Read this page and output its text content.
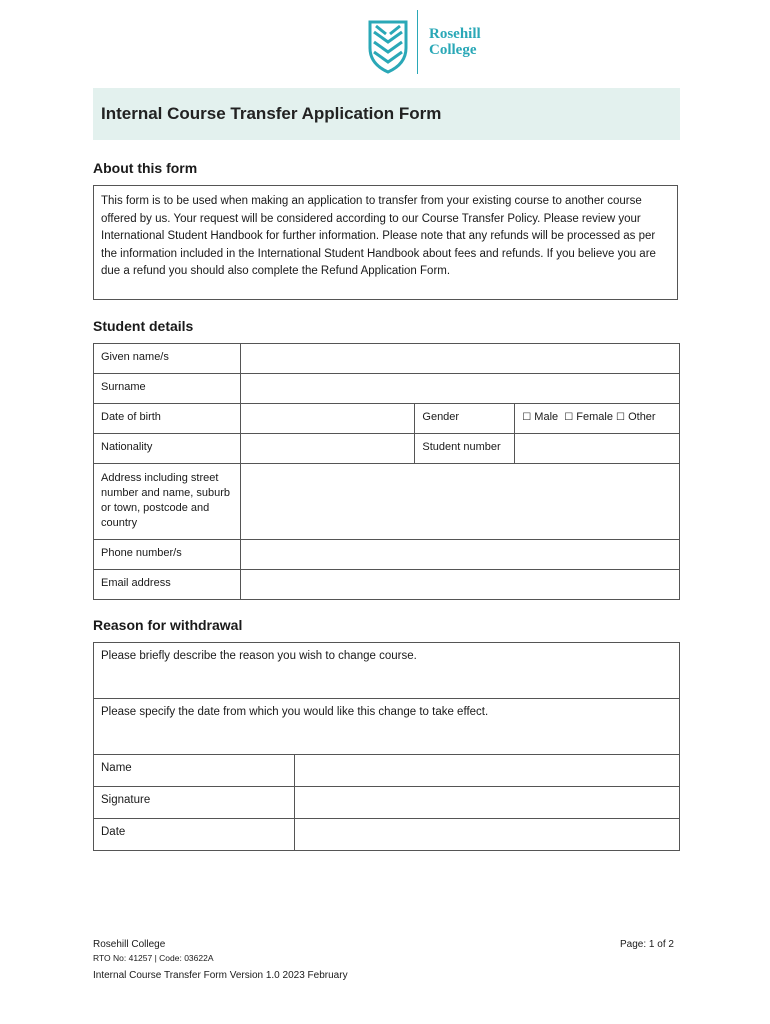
Rosehill
College
Internal Course Transfer Application Form
About this form
This form is to be used when making an application to transfer from your existing course to another course offered by us. Your request will be considered according to our Course Transfer Policy. Please review your International Student Handbook for further information. Please note that any refunds will be processed as per the information included in the International Student Handbook about fees and refunds. If you believe you are due a refund you should also complete the Refund Application Form.
Student details
Given name/s			
Surname			
Date of birth		Gender	☐ Male ☐ Female ☐ Other
Nationality		Student number	
Address including street number and name, suburb or town, postcode and country			
Phone number/s			
Email address			
Reason for withdrawal
Please briefly describe the reason you wish to change course.	
Please specify the date from which you would like this change to take effect.	
Name	
Signature	
Date	
Rosehill College
RTO No: 41257 | Code: 03622A
Page: 1 of 2
Internal Course Transfer Form Version 1.0 2023 February
